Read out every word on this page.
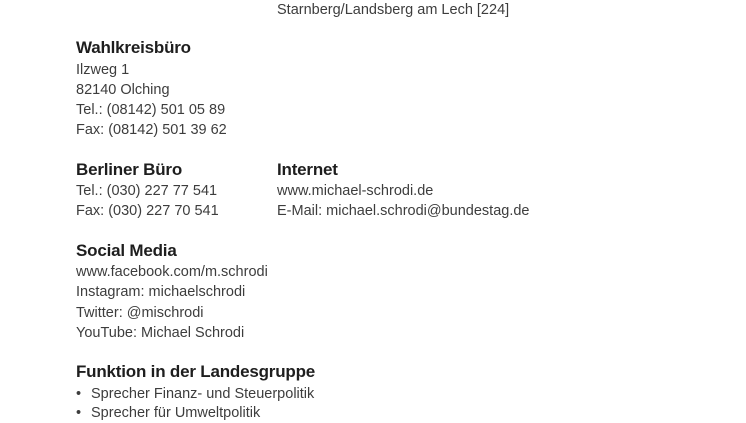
Starnberg/Landsberg am Lech [224]
Wahlkreisbüro
Ilzweg 1
82140 Olching
Tel.: (08142) 501 05 89
Fax: (08142) 501 39 62
Berliner Büro
Tel.: (030) 227 77 541
Fax: (030) 227 70 541
Internet
www.michael-schrodi.de
E-Mail: michael.schrodi@bundestag.de
Social Media
www.facebook.com/m.schrodi
Instagram: michaelschrodi
Twitter: @mischrodi
YouTube: Michael Schrodi
Funktion in der Landesgruppe
• Sprecher Finanz- und Steuerpolitik
• Sprecher für Umweltpolitik
